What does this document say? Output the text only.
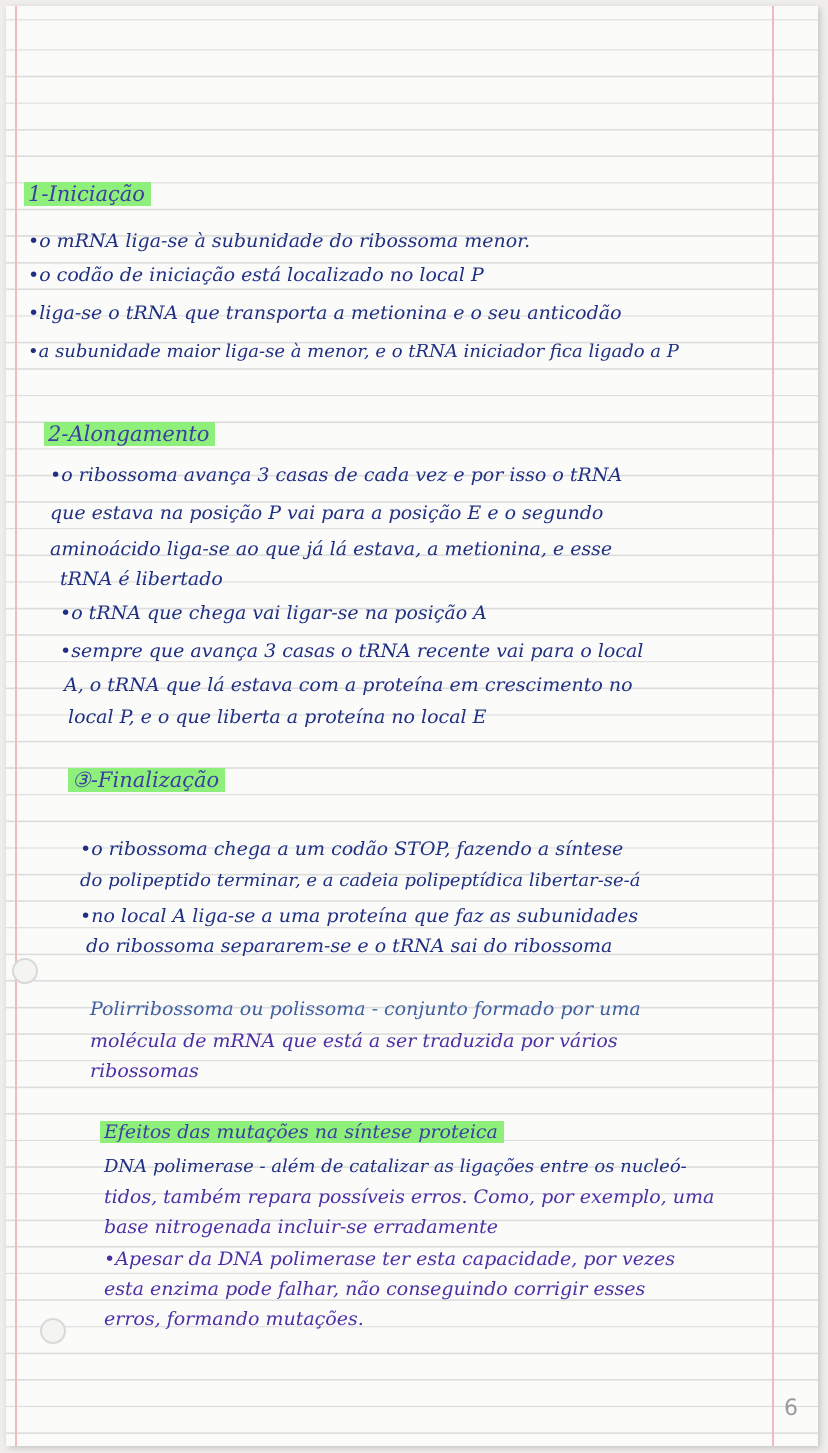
1-Iniciação
•o mRNA liga-se à subunidade do ribossoma menor.
•o codão de iniciação está localizado no local P
•liga-se o tRNA que transporta a metionina e o seu anticodão
•a subunidade maior liga-se à menor, e o tRNA iniciador fica ligado a P
2-Alongamento
•o ribossoma avança 3 casas de cada vez e por isso o tRNA
que estava na posição P vai para a posição E e o segundo
aminoácido liga-se ao que já lá estava, a metionina, e esse
tRNA é libertado
•o tRNA que chega vai ligar-se na posição A
•sempre que avança 3 casas o tRNA recente vai para o local
A, o tRNA que lá estava com a proteína em crescimento no
local P, e o que liberta a proteína no local E
③-Finalização
•o ribossoma chega a um codão STOP, fazendo a síntese
do polipeptido terminar, e a cadeia polipeptídica libertar-se-á
•no local A liga-se a uma proteína que faz as subunidades
do ribossoma separarem-se e o tRNA sai do ribossoma
Polirribossoma ou polissoma - conjunto formado por uma
molécula de mRNA que está a ser traduzida por vários
ribossomas
Efeitos das mutações na síntese proteica
DNA polimerase - além de catalizar as ligações entre os nucleó-
tidos, também repara possíveis erros. Como, por exemplo, uma
base nitrogenada incluir-se erradamente
•Apesar da DNA polimerase ter esta capacidade, por vezes
esta enzima pode falhar, não conseguindo corrigir esses
erros, formando mutações.
6
